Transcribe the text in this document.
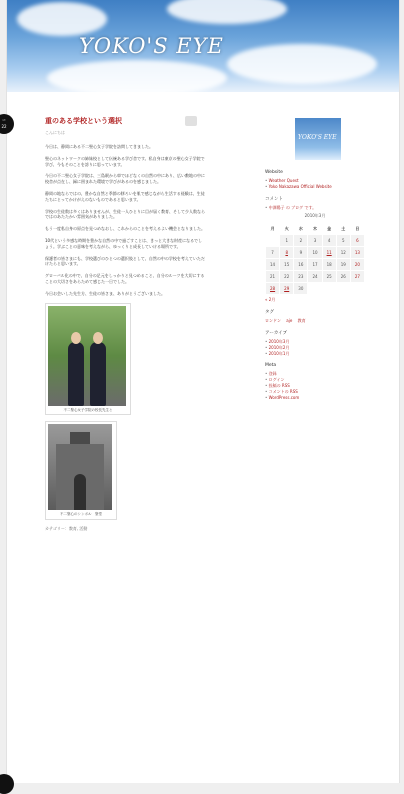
YOKO'S EYE
重のある学校という選択
こんにちは

今日は、静岡にある不二聖心女子学院を訪問してきました。

聖心のネットワークの姉妹校として伝統ある学び舎です。私自身は東京の聖心女子学院で学び、今もそのことを誇りに思っています。

今日の不二聖心女子学院は、三島駅から車でほどなくの自然の中にあり、広い敷地の中に校舎が点在し、緑に囲まれた環境で学びがあるのを感じました。

静岡の地ならではの、豊かな自然と季節の移ろいを肌で感じながら生活する経験は、生徒たちにとってかけがえのないものであると思います。

学校の生徒数は多くはありませんが、生徒一人ひとりに目が届く教育、そして少人数ならではのあたたかい雰囲気がありました。

もう一度私自身の原点を見つめなおし、これからのことを考えるよい機会となりました。

10代という多感な時期を豊かな自然の中で過ごすことは、きっと大きな財産になるでしょう。学ぶことの意味を考えながら、ゆっくりと成長していける場所です。

保護者の皆さまにも、学校選びのひとつの選択肢として、自然の中の学校を考えていただけたらと思います。

グローバル化の中で、自分の足元をしっかりと見つめること、自分のルーツを大切にすることの大切さをあらためて感じた一日でした。

今日お会いした先生方、生徒の皆さま、ありがとうございました。

不二聖心女子学院の校長先生と
不二聖心のシンボル　聖堂
カテゴリー：教育, 活動
YOKO'S EYE
Website
• Weather Quest
• Yoko Nakazawa Official Website
コメント
• 中澤陽子 の ブログ です。
2010年3月
月	火	水	木	金	土	日
	1	2	3	4	5	6
7	8	9	10	11	12	13
14	15	16	17	18	19	20
21	22	23	24	25	26	27
28	29	30				
« 2月
タグ
ロンドン aje 教育
アーカイブ
• 2010年3月
• 2010年2月
• 2010年1月
Meta
• 登録
• ログイン
• 投稿の RSS
• コメントの RSS
• WordPress.com
ᵘᵉ
22
